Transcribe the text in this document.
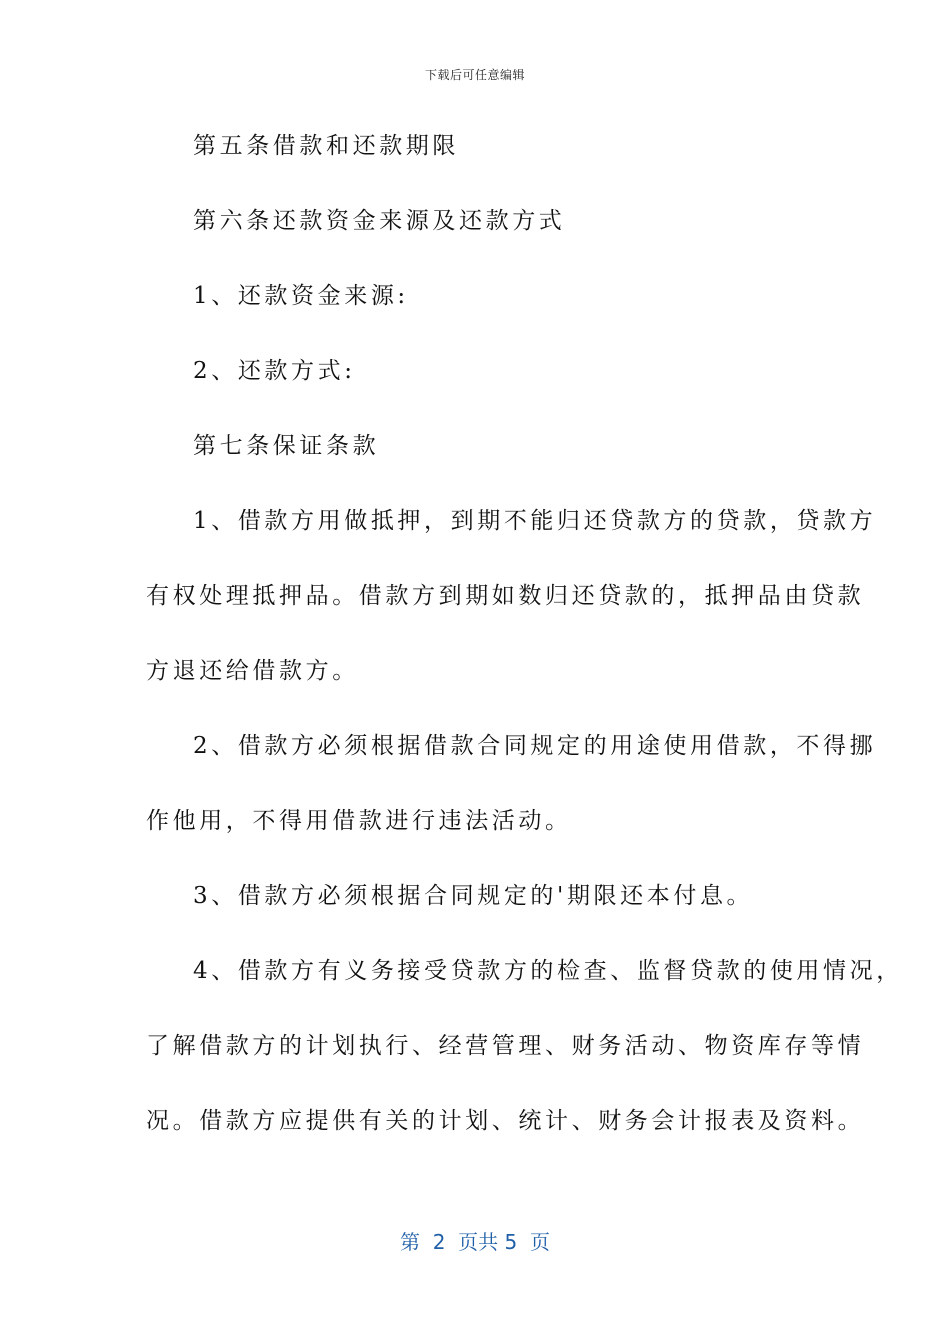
下载后可任意编辑
第五条借款和还款期限
第六条还款资金来源及还款方式
1、还款资金来源:
2、还款方式:
第七条保证条款
1、借款方用做抵押，到期不能归还贷款方的贷款，贷款方
有权处理抵押品。借款方到期如数归还贷款的，抵押品由贷款
方退还给借款方。
2、借款方必须根据借款合同规定的用途使用借款，不得挪
作他用，不得用借款进行违法活动。
3、借款方必须根据合同规定的'期限还本付息。
4、借款方有义务接受贷款方的检查、监督贷款的使用情况，
了解借款方的计划执行、经营管理、财务活动、物资库存等情
况。借款方应提供有关的计划、统计、财务会计报表及资料。
第  2  页共 5  页
